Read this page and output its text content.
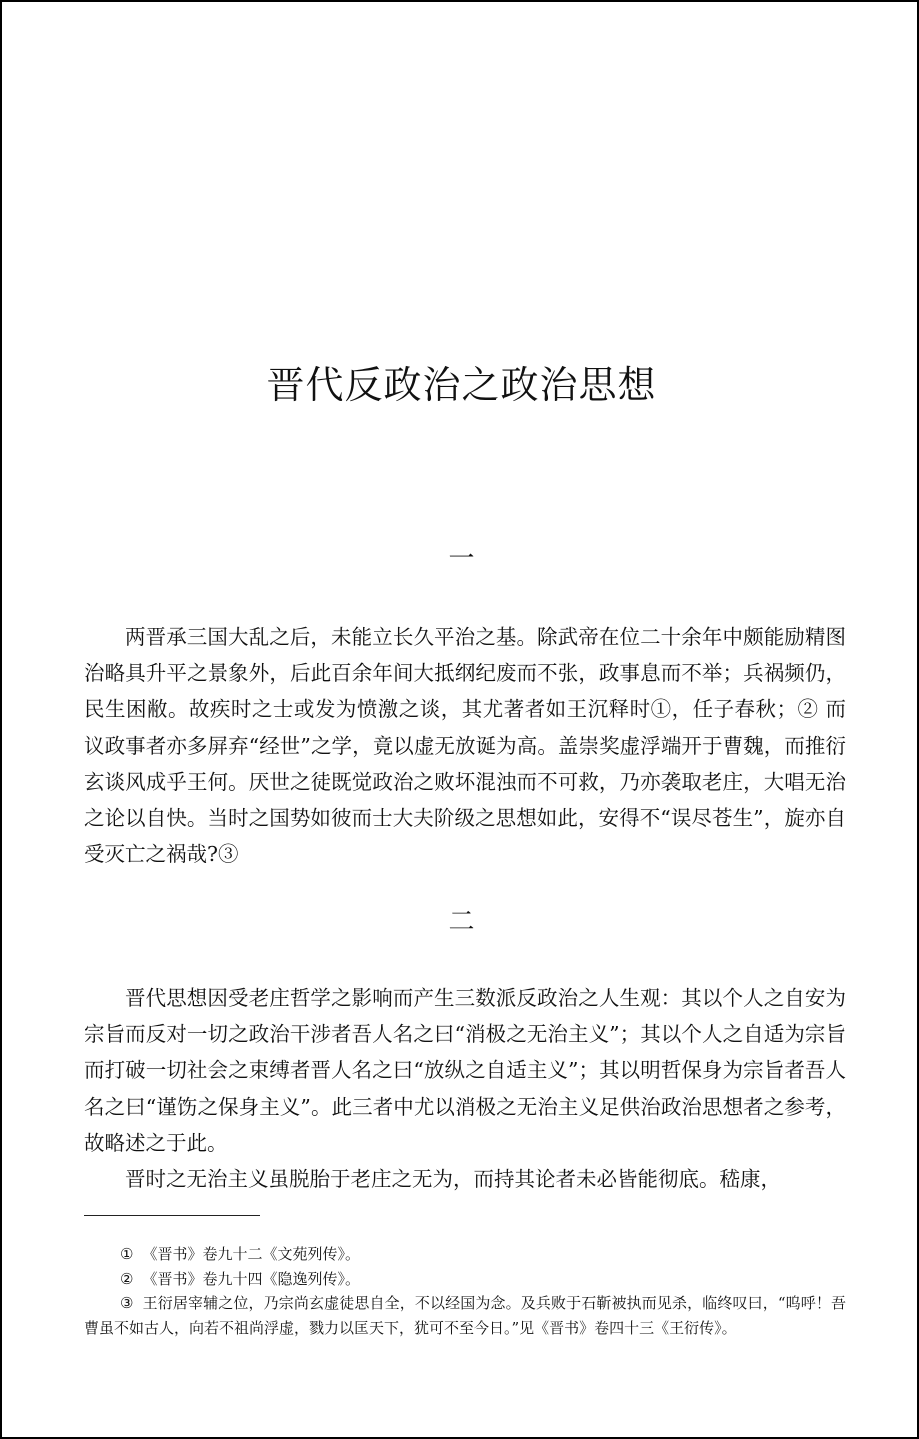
晋代反政治之政治思想
一

两晋承三国大乱之后，未能立长久平治之基。除武帝在位二十余年中颇能励精图治略具升平之景象外，后此百余年间大抵纲纪废而不张，政事息而不举；兵祸频仍，民生困敝。故疾时之士或发为愤激之谈，其尤著者如王沉释时①，任子春秋；② 而议政事者亦多屏弃“经世”之学，竟以虚无放诞为高。盖崇奖虚浮端开于曹魏，而推衍玄谈风成乎王何。厌世之徒既觉政治之败坏混浊而不可救，乃亦袭取老庄，大唱无治之论以自快。当时之国势如彼而士大夫阶级之思想如此，安得不“误尽苍生”，旋亦自受灭亡之祸哉?③

二

晋代思想因受老庄哲学之影响而产生三数派反政治之人生观：其以个人之自安为宗旨而反对一切之政治干涉者吾人名之曰“消极之无治主义”；其以个人之自适为宗旨而打破一切社会之束缚者晋人名之曰“放纵之自适主义”；其以明哲保身为宗旨者吾人名之曰“谨饬之保身主义”。此三者中尤以消极之无治主义足供治政治思想者之参考，故略述之于此。

晋时之无治主义虽脱胎于老庄之无为，而持其论者未必皆能彻底。嵇康，

① 《晋书》卷九十二《文苑列传》。

② 《晋书》卷九十四《隐逸列传》。

③ 王衍居宰辅之位，乃宗尚玄虚徒思自全，不以经国为念。及兵败于石靳被执而见杀，临终叹曰，“呜呼！吾曹虽不如古人，向若不祖尚浮虚，戮力以匡天下，犹可不至今日。”见《晋书》卷四十三《王衍传》。
